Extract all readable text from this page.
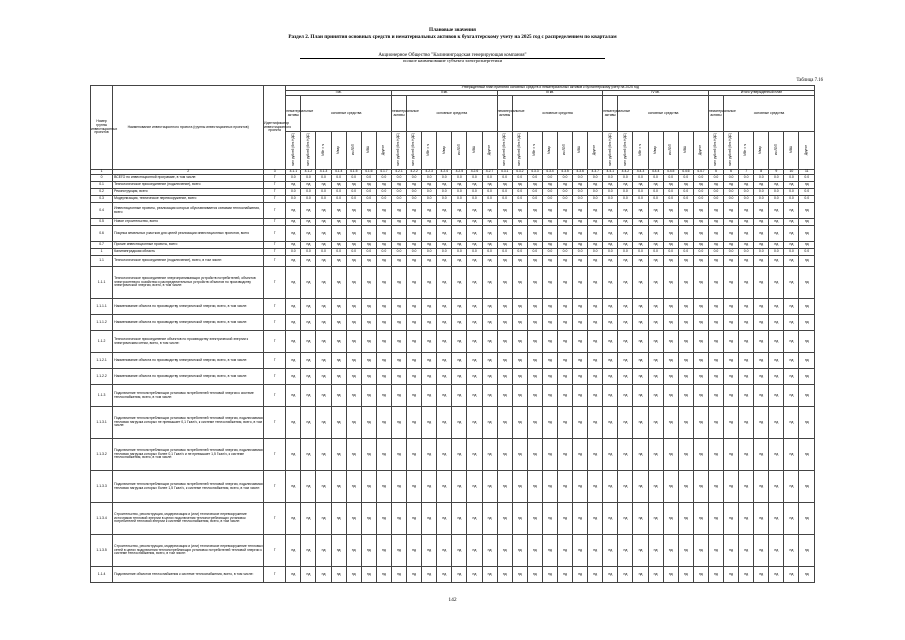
Плановые значения
Раздел 2. План принятия основных средств и нематериальных активов к бухгалтерскому учету на 2025 год с распределением по кварталам
Акционерное Общество "Калининградская генерирующая компания"
полное наименование субъекта электроэнергетики
Таблица 7.16
Номер группы инвестиционных проектов	Наименование инвестиционного проекта (группы инвестиционных проектов)	Идентификатор инвестиционного проекта	Утвержденный план принятия основных средств и нематериальных активов к бухгалтерскому учету на 2025 год																																		
			I кв.							II кв.							III кв.							IV кв.							Итого утвержденный план						
			нематериальные активы	основные средства						нематериальные активы	основные средства						нематериальные активы	основные средства						нематериальные активы	основные средства						нематериальные активы	основные средства					
			млн рублей (без НДС)	млн рублей (без НДС)	МВт×ч	Мвар	км ЛЭП	МВА	Другое	млн рублей (без НДС)	млн рублей (без НДС)	МВт×ч	Мвар	км ЛЭП	МВА	Другое	млн рублей (без НДС)	млн рублей (без НДС)	МВт×ч	Мвар	км ЛЭП	МВА	Другое	млн рублей (без НДС)	млн рублей (без НДС)	МВт×ч	Мвар	км ЛЭП	МВА	Другое	млн рублей (без НДС)	млн рублей (без НДС)	МВт×ч	Мвар	км ЛЭП	МВА	Другое
1	2	3	4.1.1	4.1.2	4.1.3	4.1.4	4.1.5	4.1.6	4.1.7	4.2.1	4.2.2	4.2.3	4.2.4	4.2.5	4.2.6	4.2.7	4.3.1	4.3.2	4.3.3	4.3.4	4.3.5	4.3.6	4.3.7	4.4.1	4.4.2	4.4.3	4.4.4	4.4.5	4.4.6	4.4.7	5	6	7	8	9	10	11
0	ВСЕГО по инвестиционной программе, в том числе:	Г	0.0	0.0	0.0	0.0	0.0	0.0	0.0	0.0	0.0	0.0	0.0	0.0	0.0	0.0	0.0	0.0	0.0	0.0	0.0	0.0	0.0	0.0	0.0	0.0	0.0	0.0	0.0	0.0	0.0	0.0	0.0	0.0	0.0	0.0	0.0
0.1	Технологическое присоединение (подключение), всего	Г	нд	нд	нд	нд	нд	нд	нд	нд	нд	нд	нд	нд	нд	нд	нд	нд	нд	нд	нд	нд	нд	нд	нд	нд	нд	нд	нд	нд	нд	нд	нд	нд	нд	нд	нд
0.2	Реконструкция, всего	Г	0.0	0.0	0.0	0.0	0.0	0.0	0.0	0.0	0.0	0.0	0.0	0.0	0.0	0.0	0.0	0.0	0.0	0.0	0.0	0.0	0.0	0.0	0.0	0.0	0.0	0.0	0.0	0.0	0.0	0.0	0.0	0.0	0.0	0.0	0.0
0.3	Модернизация, техническое перевооружение, всего	Г	0.0	0.0	0.0	0.0	0.0	0.0	0.0	0.0	0.0	0.0	0.0	0.0	0.0	0.0	0.0	0.0	0.0	0.0	0.0	0.0	0.0	0.0	0.0	0.0	0.0	0.0	0.0	0.0	0.0	0.0	0.0	0.0	0.0	0.0	0.0
0.4	Инвестиционные проекты, реализация которых обуславливается схемами теплоснабжения, всего	Г	нд	нд	нд	нд	нд	нд	нд	нд	нд	нд	нд	нд	нд	нд	нд	нд	нд	нд	нд	нд	нд	нд	нд	нд	нд	нд	нд	нд	нд	нд	нд	нд	нд	нд	нд
0.5	Новое строительство, всего	Г	нд	нд	нд	нд	нд	нд	нд	нд	нд	нд	нд	нд	нд	нд	нд	нд	нд	нд	нд	нд	нд	нд	нд	нд	нд	нд	нд	нд	нд	нд	нд	нд	нд	нд	нд
0.6	Покупка земельных участков для целей реализации инвестиционных проектов, всего	Г	нд	нд	нд	нд	нд	нд	нд	нд	нд	нд	нд	нд	нд	нд	нд	нд	нд	нд	нд	нд	нд	нд	нд	нд	нд	нд	нд	нд	нд	нд	нд	нд	нд	нд	нд
0.7	Прочие инвестиционные проекты, всего	Г	нд	нд	нд	нд	нд	нд	нд	нд	нд	нд	нд	нд	нд	нд	нд	нд	нд	нд	нд	нд	нд	нд	нд	нд	нд	нд	нд	нд	нд	нд	нд	нд	нд	нд	нд
1	Калининградская область	Г	0.0	0.0	0.0	0.0	0.0	0.0	0.0	0.0	0.0	0.0	0.0	0.0	0.0	0.0	0.0	0.0	0.0	0.0	0.0	0.0	0.0	0.0	0.0	0.0	0.0	0.0	0.0	0.0	0.0	0.0	0.0	0.0	0.0	0.0	0.0
1.1	Технологическое присоединение (подключение), всего, в том числе:	Г	нд	нд	нд	нд	нд	нд	нд	нд	нд	нд	нд	нд	нд	нд	нд	нд	нд	нд	нд	нд	нд	нд	нд	нд	нд	нд	нд	нд	нд	нд	нд	нд	нд	нд	нд
1.1.1	Технологическое присоединение энергопринимающих устройств потребителей, объектов электросетевого хозяйства и распределительных устройств объектов по производству электрической энергии, всего, в том числе:	Г	нд	нд	нд	нд	нд	нд	нд	нд	нд	нд	нд	нд	нд	нд	нд	нд	нд	нд	нд	нд	нд	нд	нд	нд	нд	нд	нд	нд	нд	нд	нд	нд	нд	нд	нд
1.1.1.1	Наименование объекта по производству электрической энергии, всего, в том числе:	Г	нд	нд	нд	нд	нд	нд	нд	нд	нд	нд	нд	нд	нд	нд	нд	нд	нд	нд	нд	нд	нд	нд	нд	нд	нд	нд	нд	нд	нд	нд	нд	нд	нд	нд	нд
1.1.1.2	Наименование объекта по производству электрической энергии, всего, в том числе:	Г	нд	нд	нд	нд	нд	нд	нд	нд	нд	нд	нд	нд	нд	нд	нд	нд	нд	нд	нд	нд	нд	нд	нд	нд	нд	нд	нд	нд	нд	нд	нд	нд	нд	нд	нд
1.1.2	Технологическое присоединение объектов по производству электрической энергии к электрическим сетям, всего, в том числе:	Г	нд	нд	нд	нд	нд	нд	нд	нд	нд	нд	нд	нд	нд	нд	нд	нд	нд	нд	нд	нд	нд	нд	нд	нд	нд	нд	нд	нд	нд	нд	нд	нд	нд	нд	нд
1.1.2.1	Наименование объекта по производству электрической энергии, всего, в том числе:	Г	нд	нд	нд	нд	нд	нд	нд	нд	нд	нд	нд	нд	нд	нд	нд	нд	нд	нд	нд	нд	нд	нд	нд	нд	нд	нд	нд	нд	нд	нд	нд	нд	нд	нд	нд
1.1.2.2	Наименование объекта по производству электрической энергии, всего, в том числе:	Г	нд	нд	нд	нд	нд	нд	нд	нд	нд	нд	нд	нд	нд	нд	нд	нд	нд	нд	нд	нд	нд	нд	нд	нд	нд	нд	нд	нд	нд	нд	нд	нд	нд	нд	нд
1.1.3	Подключение теплопотребляющих установок потребителей тепловой энергии к системе теплоснабжения, всего, в том числе:	Г	нд	нд	нд	нд	нд	нд	нд	нд	нд	нд	нд	нд	нд	нд	нд	нд	нд	нд	нд	нд	нд	нд	нд	нд	нд	нд	нд	нд	нд	нд	нд	нд	нд	нд	нд
1.1.3.1	Подключение теплопотребляющих установок потребителей тепловой энергии, подключаемая тепловая нагрузка которых не превышает 0,1 Гкал/ч, к системе теплоснабжения, всего, в том числе:	Г	нд	нд	нд	нд	нд	нд	нд	нд	нд	нд	нд	нд	нд	нд	нд	нд	нд	нд	нд	нд	нд	нд	нд	нд	нд	нд	нд	нд	нд	нд	нд	нд	нд	нд	нд
1.1.3.2	Подключение теплопотребляющих установок потребителей тепловой энергии, подключаемая тепловая нагрузка которых более 0,1 Гкал/ч и не превышает 1,5 Гкал/ч, к системе теплоснабжения, всего, в том числе:	Г	нд	нд	нд	нд	нд	нд	нд	нд	нд	нд	нд	нд	нд	нд	нд	нд	нд	нд	нд	нд	нд	нд	нд	нд	нд	нд	нд	нд	нд	нд	нд	нд	нд	нд	нд
1.1.3.3	Подключение теплопотребляющих установок потребителей тепловой энергии, подключаемая тепловая нагрузка которых более 1,5 Гкал/ч, к системе теплоснабжения, всего, в том числе:	Г	нд	нд	нд	нд	нд	нд	нд	нд	нд	нд	нд	нд	нд	нд	нд	нд	нд	нд	нд	нд	нд	нд	нд	нд	нд	нд	нд	нд	нд	нд	нд	нд	нд	нд	нд
1.1.3.4	Строительство, реконструкция, модернизация и (или) техническое перевооружение источников тепловой энергии в целях подключения теплопотребляющих установок потребителей тепловой энергии к системе теплоснабжения, всего, в том числе:	Г	нд	нд	нд	нд	нд	нд	нд	нд	нд	нд	нд	нд	нд	нд	нд	нд	нд	нд	нд	нд	нд	нд	нд	нд	нд	нд	нд	нд	нд	нд	нд	нд	нд	нд	нд
1.1.3.5	Строительство, реконструкция, модернизация и (или) техническое перевооружение тепловых сетей в целях подключения теплопотребляющих установок потребителей тепловой энергии к системе теплоснабжения, всего, в том числе:	Г	нд	нд	нд	нд	нд	нд	нд	нд	нд	нд	нд	нд	нд	нд	нд	нд	нд	нд	нд	нд	нд	нд	нд	нд	нд	нд	нд	нд	нд	нд	нд	нд	нд	нд	нд
1.1.4	Подключение объектов теплоснабжения к системе теплоснабжения, всего, в том числе:	Г	нд	нд	нд	нд	нд	нд	нд	нд	нд	нд	нд	нд	нд	нд	нд	нд	нд	нд	нд	нд	нд	нд	нд	нд	нд	нд	нд	нд	нд	нд	нд	нд	нд	нд	нд
142
